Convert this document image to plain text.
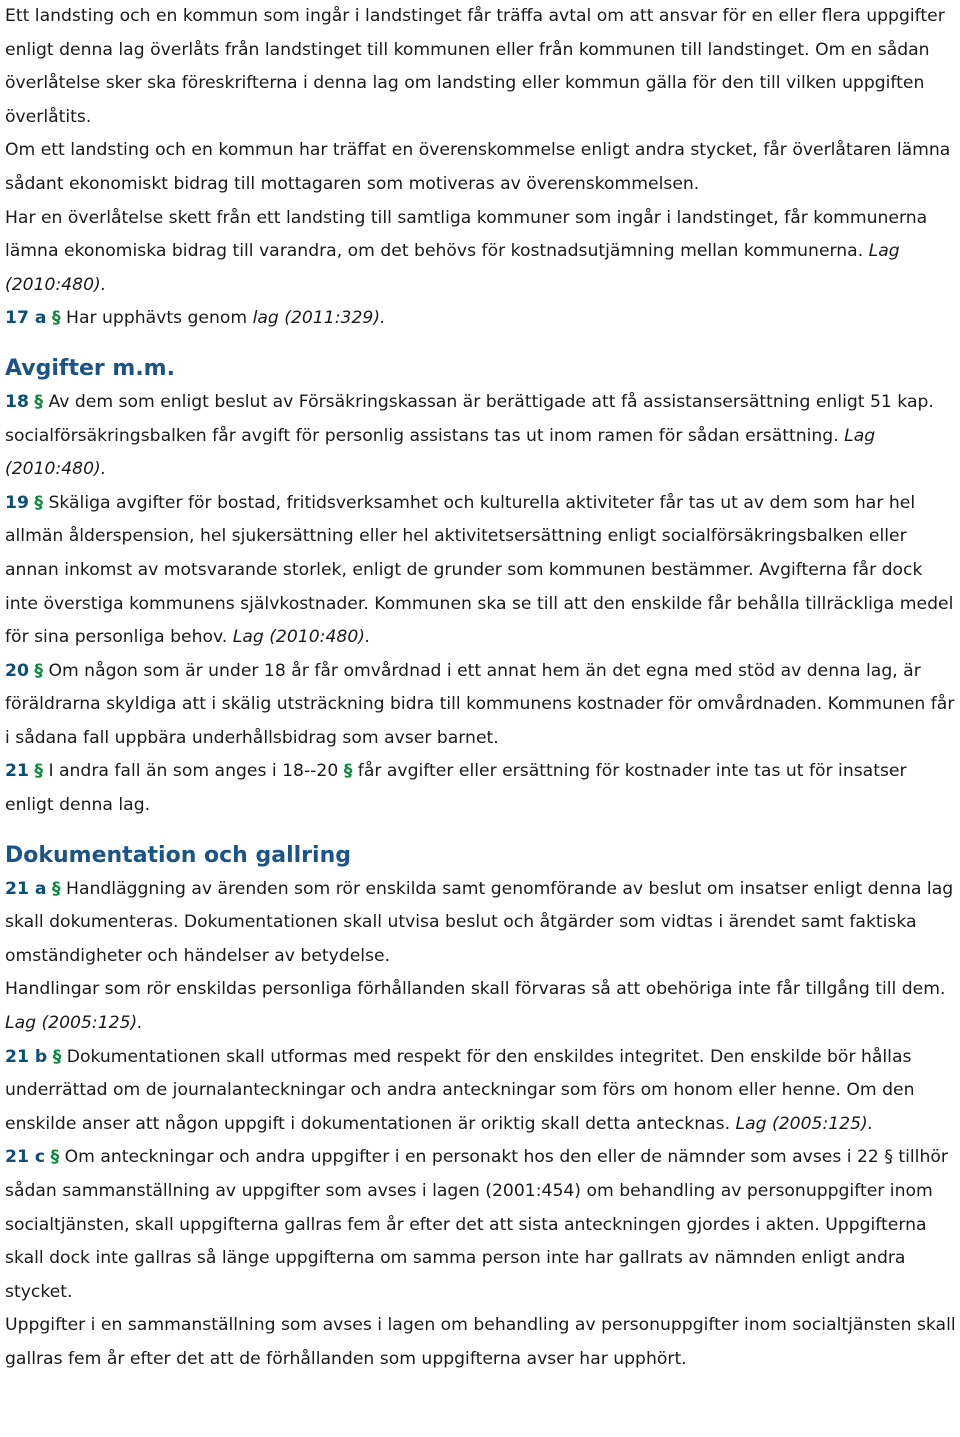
Ett landsting och en kommun som ingår i landstinget får träffa avtal om att ansvar för en eller flera uppgifter enligt denna lag överlåts från landstinget till kommunen eller från kommunen till landstinget. Om en sådan överlåtelse sker ska föreskrifterna i denna lag om landsting eller kommun gälla för den till vilken uppgiften överlåtits.

Om ett landsting och en kommun har träffat en överenskommelse enligt andra stycket, får överlåtaren lämna sådant ekonomiskt bidrag till mottagaren som motiveras av överenskommelsen.

Har en överlåtelse skett från ett landsting till samtliga kommuner som ingår i landstinget, får kommunerna lämna ekonomiska bidrag till varandra, om det behövs för kostnadsutjämning mellan kommunerna. Lag (2010:480).

17 a § Har upphävts genom lag (2011:329).

Avgifter m.m.

18 § Av dem som enligt beslut av Försäkringskassan är berättigade att få assistansersättning enligt 51 kap. socialförsäkringsbalken får avgift för personlig assistans tas ut inom ramen för sådan ersättning. Lag (2010:480).

19 § Skäliga avgifter för bostad, fritidsverksamhet och kulturella aktiviteter får tas ut av dem som har hel allmän ålderspension, hel sjukersättning eller hel aktivitetsersättning enligt socialförsäkringsbalken eller annan inkomst av motsvarande storlek, enligt de grunder som kommunen bestämmer. Avgifterna får dock inte överstiga kommunens självkostnader. Kommunen ska se till att den enskilde får behålla tillräckliga medel för sina personliga behov. Lag (2010:480).

20 § Om någon som är under 18 år får omvårdnad i ett annat hem än det egna med stöd av denna lag, är föräldrarna skyldiga att i skälig utsträckning bidra till kommunens kostnader för omvårdnaden. Kommunen får i sådana fall uppbära underhållsbidrag som avser barnet.

21 § I andra fall än som anges i 18--20 § får avgifter eller ersättning för kostnader inte tas ut för insatser enligt denna lag.

Dokumentation och gallring

21 a § Handläggning av ärenden som rör enskilda samt genomförande av beslut om insatser enligt denna lag skall dokumenteras. Dokumentationen skall utvisa beslut och åtgärder som vidtas i ärendet samt faktiska omständigheter och händelser av betydelse.

Handlingar som rör enskildas personliga förhållanden skall förvaras så att obehöriga inte får tillgång till dem. Lag (2005:125).

21 b § Dokumentationen skall utformas med respekt för den enskildes integritet. Den enskilde bör hållas underrättad om de journalanteckningar och andra anteckningar som förs om honom eller henne. Om den enskilde anser att någon uppgift i dokumentationen är oriktig skall detta antecknas. Lag (2005:125).

21 c § Om anteckningar och andra uppgifter i en personakt hos den eller de nämnder som avses i 22 § tillhör sådan sammanställning av uppgifter som avses i lagen (2001:454) om behandling av personuppgifter inom socialtjänsten, skall uppgifterna gallras fem år efter det att sista anteckningen gjordes i akten. Uppgifterna skall dock inte gallras så länge uppgifterna om samma person inte har gallrats av nämnden enligt andra stycket.

Uppgifter i en sammanställning som avses i lagen om behandling av personuppgifter inom socialtjänsten skall gallras fem år efter det att de förhållanden som uppgifterna avser har upphört.
